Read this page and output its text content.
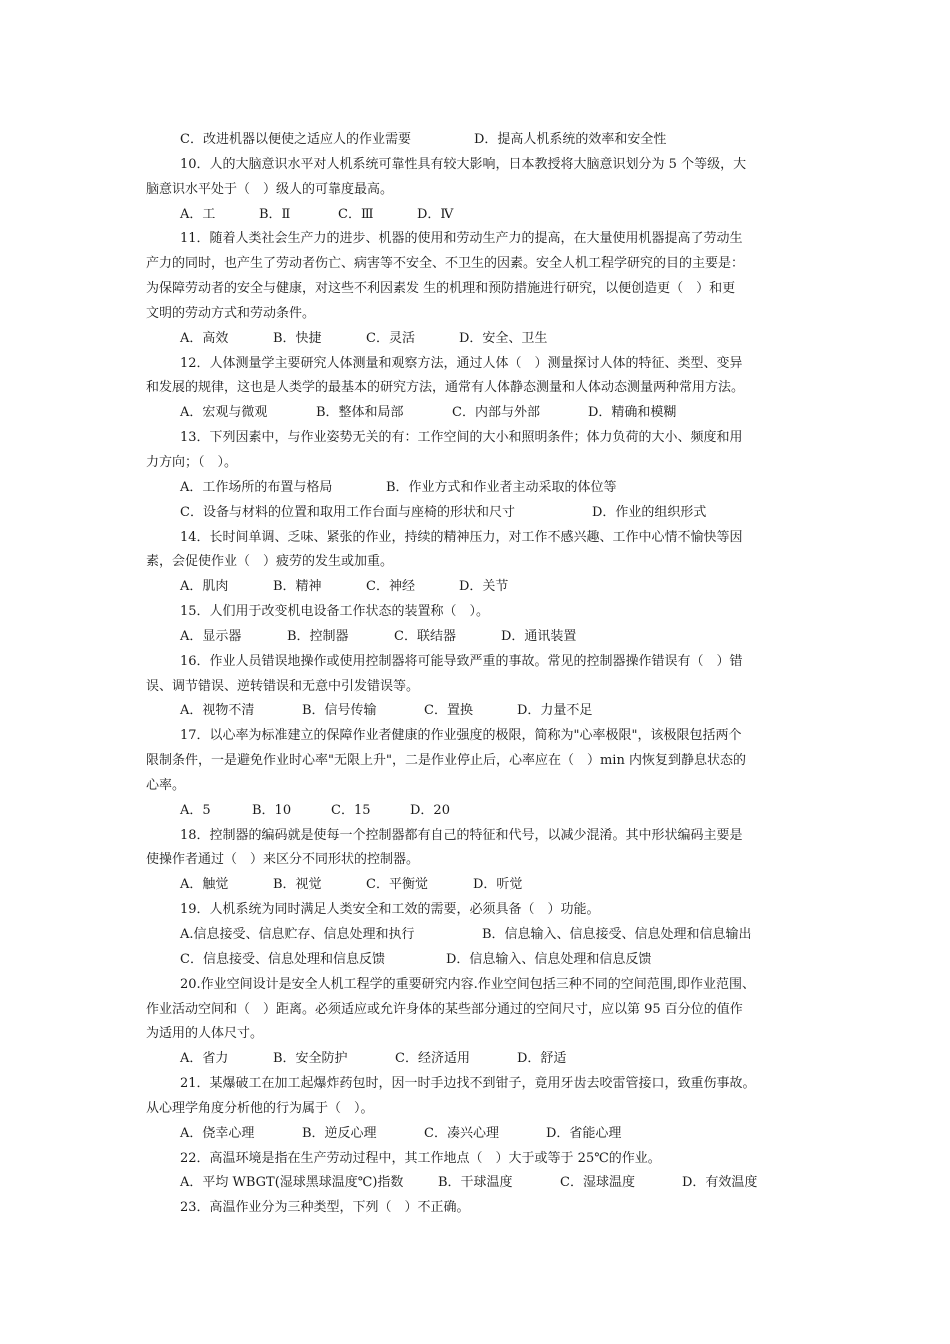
C．改进机器以便使之适应人的作业需要	D．提高人机系统的效率和安全性
10．人的大脑意识水平对人机系统可靠性具有较大影响，日本教授将大脑意识划分为 5 个等级，大
脑意识水平处于（　）级人的可靠度最高。
A．工	B．Ⅱ	C．Ⅲ	D．Ⅳ
11．随着人类社会生产力的进步、机器的使用和劳动生产力的提高，在大量使用机器提高了劳动生
产力的同时，也产生了劳动者伤亡、病害等不安全、不卫生的因素。安全人机工程学研究的目的主要是：
为保障劳动者的安全与健康，对这些不利因素发 生的机理和预防措施进行研究，以便创造更（　）和更
文明的劳动方式和劳动条件。
A．高效	B．快捷	C．灵活	D．安全、卫生
12．人体测量学主要研究人体测量和观察方法，通过人体（　）测量探讨人体的特征、类型、变异
和发展的规律，这也是人类学的最基本的研究方法，通常有人体静态测量和人体动态测量两种常用方法。
A．宏观与微观	B．整体和局部	C．内部与外部	D．精确和模糊
13．下列因素中，与作业姿势无关的有：工作空间的大小和照明条件；体力负荷的大小、频度和用
力方向；（　）。
A．工作场所的布置与格局	B．作业方式和作业者主动采取的体位等
C．设备与材料的位置和取用工作台面与座椅的形状和尺寸	D．作业的组织形式
14．长时间单调、乏味、紧张的作业，持续的精神压力，对工作不感兴趣、工作中心情不愉快等因
素，会促使作业（　）疲劳的发生或加重。
A．肌肉	B．精神	C．神经	D．关节
15．人们用于改变机电设备工作状态的装置称（　）。
A．显示器	B．控制器	C．联结器	D．通讯装置
16．作业人员错误地操作或使用控制器将可能导致严重的事故。常见的控制器操作错误有（　）错
误、调节错误、逆转错误和无意中引发错误等。
A．视物不清	B．信号传输	C．置换	D．力量不足
17．以心率为标准建立的保障作业者健康的作业强度的极限，简称为"心率极限"，该极限包括两个
限制条件，一是避免作业时心率"无限上升"，二是作业停止后，心率应在（　）min 内恢复到静息状态的
心率。
A．5	B．10	C．15	D．20
18．控制器的编码就是使每一个控制器都有自己的特征和代号，以减少混淆。其中形状编码主要是
使操作者通过（　）来区分不同形状的控制器。
A．触觉	B．视觉	C．平衡觉	D．听觉
19．人机系统为同时满足人类安全和工效的需要，必须具备（　）功能。
A.信息接受、信息贮存、信息处理和执行	B．信息输入、信息接受、信息处理和信息输出
C．信息接受、信息处理和信息反馈	D．信息输入、信息处理和信息反馈
20.作业空间设计是安全人机工程学的重要研究内容.作业空间包括三种不同的空间范围,即作业范围、
作业活动空间和（　）距离。必须适应或允许身体的某些部分通过的空间尺寸，应以第 95 百分位的值作
为适用的人体尺寸。
A．省力	B．安全防护	C．经济适用	D．舒适
21．某爆破工在加工起爆炸药包时，因一时手边找不到钳子，竟用牙齿去咬雷管接口，致重伤事故。
从心理学角度分析他的行为属于（　）。
A．侥幸心理	B．逆反心理	C．凑兴心理	D．省能心理
22．高温环境是指在生产劳动过程中，其工作地点（　）大于或等于 25℃的作业。
A．平均 WBGT(湿球黑球温度℃)指数	B．干球温度	C．湿球温度	D．有效温度
23．高温作业分为三种类型，下列（　）不正确。
